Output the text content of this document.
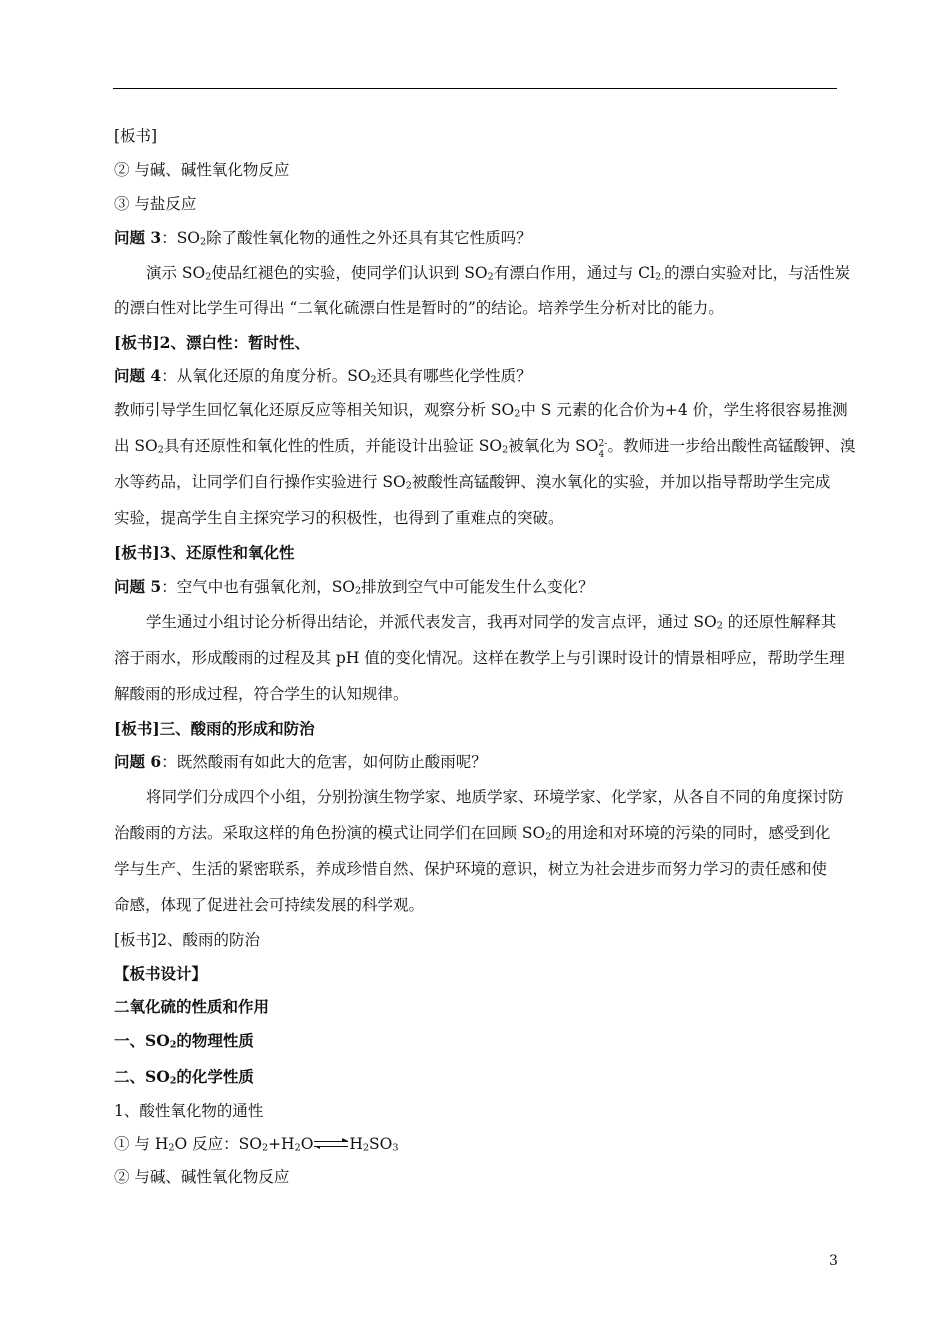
[板书]
② 与碱、碱性氧化物反应
③ 与盐反应
问题 3：$SO_2$除了酸性氧化物的通性之外还具有其它性质吗？
演示 $SO_2$使品红褪色的实验，使同学们认识到 $SO_2$有漂白作用，通过与 $Cl_{2.}$的漂白实验对比，与活性炭
的漂白性对比学生可得出 “二氧化硫漂白性是暂时的”的结论。培养学生分析对比的能力。
[板书]2、漂白性：暂时性、
问题 4：从氧化还原的角度分析。$SO_2$还具有哪些化学性质？
教师引导学生回忆氧化还原反应等相关知识，观察分析 $SO_2$中 S 元素的化合价为+4 价，学生将很容易推测
出 $SO_2$具有还原性和氧化性的性质，并能设计出验证 $SO_2$被氧化为 SO 2-
4 。教师进一步给出酸性高锰酸钾、溴
水等药品，让同学们自行操作实验进行 $SO_2$被酸性高锰酸钾、溴水氧化的实验，并加以指导帮助学生完成
实验，提高学生自主探究学习的积极性，也得到了重难点的突破。
[板书]3、还原性和氧化性
问题 5：空气中也有强氧化剂，$SO_2$排放到空气中可能发生什么变化？
学生通过小组讨论分析得出结论，并派代表发言，我再对同学的发言点评，通过 $SO_2$ 的还原性解释其
溶于雨水，形成酸雨的过程及其 pH 值的变化情况。这样在教学上与引课时设计的情景相呼应，帮助学生理
解酸雨的形成过程，符合学生的认知规律。
[板书]三、酸雨的形成和防治
问题 6：既然酸雨有如此大的危害，如何防止酸雨呢？
将同学们分成四个小组，分别扮演生物学家、地质学家、环境学家、化学家，从各自不同的角度探讨防
治酸雨的方法。采取这样的角色扮演的模式让同学们在回顾 $SO_2$的用途和对环境的污染的同时，感受到化
学与生产、生活的紧密联系，养成珍惜自然、保护环境的意识，树立为社会进步而努力学习的责任感和使
命感，体现了促进社会可持续发展的科学观。
[板书]2、酸雨的防治
【板书设计】
二氧化硫的性质和作用
一、$SO_2$的物理性质
二、$SO_2$的化学性质
1、酸性氧化物的通性
① 与 $H_2O$ 反应：$SO_2+H_2O$ $H_2SO_3$
② 与碱、碱性氧化物反应
3
